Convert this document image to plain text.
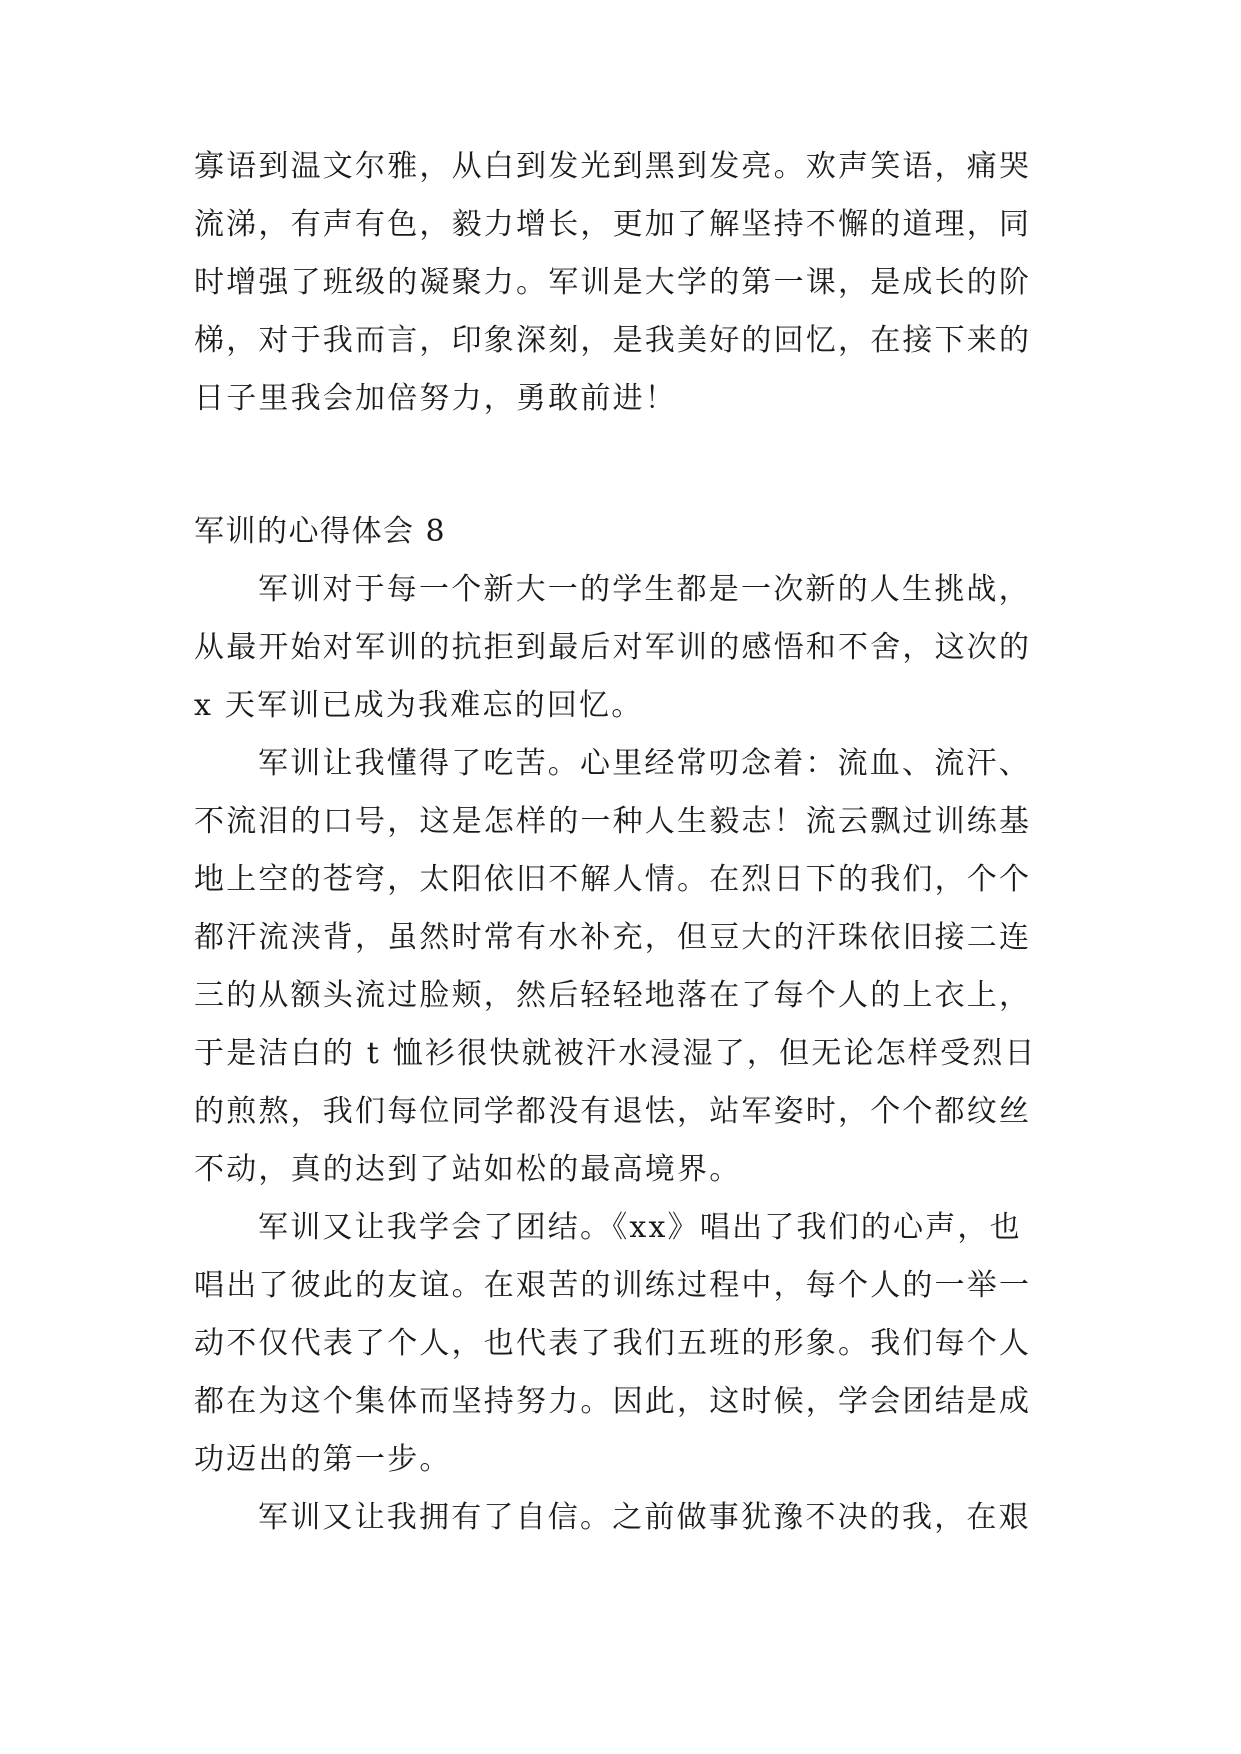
寡语到温文尔雅，从白到发光到黑到发亮。欢声笑语，痛哭
流涕，有声有色，毅力增长，更加了解坚持不懈的道理，同
时增强了班级的凝聚力。军训是大学的第一课，是成长的阶
梯，对于我而言，印象深刻，是我美好的回忆，在接下来的
日子里我会加倍努力，勇敢前进！
军训的心得体会 8
军训对于每一个新大一的学生都是一次新的人生挑战，
从最开始对军训的抗拒到最后对军训的感悟和不舍，这次的
x 天军训已成为我难忘的回忆。
军训让我懂得了吃苦。心里经常叨念着：流血、流汗、
不流泪的口号，这是怎样的一种人生毅志！流云飘过训练基
地上空的苍穹，太阳依旧不解人情。在烈日下的我们，个个
都汗流浃背，虽然时常有水补充，但豆大的汗珠依旧接二连
三的从额头流过脸颊，然后轻轻地落在了每个人的上衣上，
于是洁白的 t 恤衫很快就被汗水浸湿了，但无论怎样受烈日
的煎熬，我们每位同学都没有退怯，站军姿时，个个都纹丝
不动，真的达到了站如松的最高境界。
军训又让我学会了团结。《xx》唱出了我们的心声，也
唱出了彼此的友谊。在艰苦的训练过程中，每个人的一举一
动不仅代表了个人，也代表了我们五班的形象。我们每个人
都在为这个集体而坚持努力。因此，这时候，学会团结是成
功迈出的第一步。
军训又让我拥有了自信。之前做事犹豫不决的我，在艰
